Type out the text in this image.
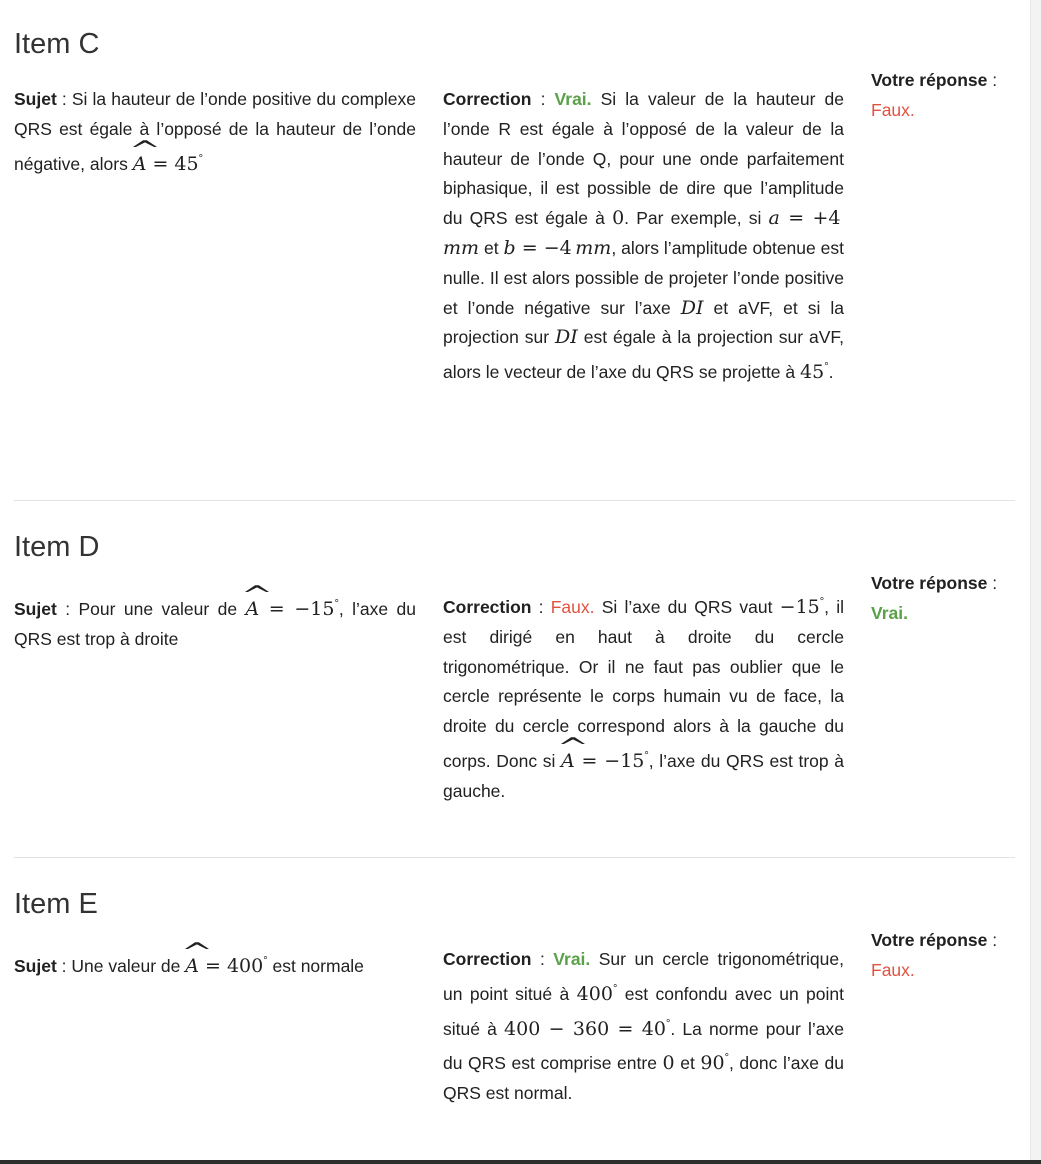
Item C
Sujet : Si la hauteur de l’onde positive du complexe QRS est égale à l’opposé de la hauteur de l’onde négative, alors ^ A = 45°
Correction : Vrai. Si la valeur de la hauteur de l’onde R est égale à l’opposé de la valeur de la hauteur de l’onde Q, pour une onde parfaitement biphasique, il est possible de dire que l’amplitude du QRS est égale à 0. Par exemple, si a = +4 mm et b = −4  mm, alors l’amplitude obtenue est nulle. Il est alors possible de projeter l’onde positive et l’onde négative sur l’axe DI et aVF, et si la projection sur DI est égale à la projection sur aVF, alors le vecteur de l’axe du QRS se projette à 45°.
Votre réponse :
Faux.
Item D
Sujet : Pour une valeur de ^ A = −15°, l’axe du QRS est trop à droite
Correction : Faux. Si l’axe du QRS vaut −15°, il est dirigé en haut à droite du cercle trigonométrique. Or il ne faut pas oublier que le cercle représente le corps humain vu de face, la droite du cercle correspond alors à la gauche du corps. Donc si ^ A = −15°, l’axe du QRS est trop à gauche.
Votre réponse :
Vrai.
Item E
Sujet : Une valeur de ^ A = 400° est normale	Correction : Vrai. Sur un cercle trigonométrique, un point situé à 400° est confondu avec un point situé à 400 − 360 = 40°. La norme pour l’axe du QRS est comprise entre 0 et 90°, donc l’axe du QRS est normal.
Votre réponse :
Faux.
